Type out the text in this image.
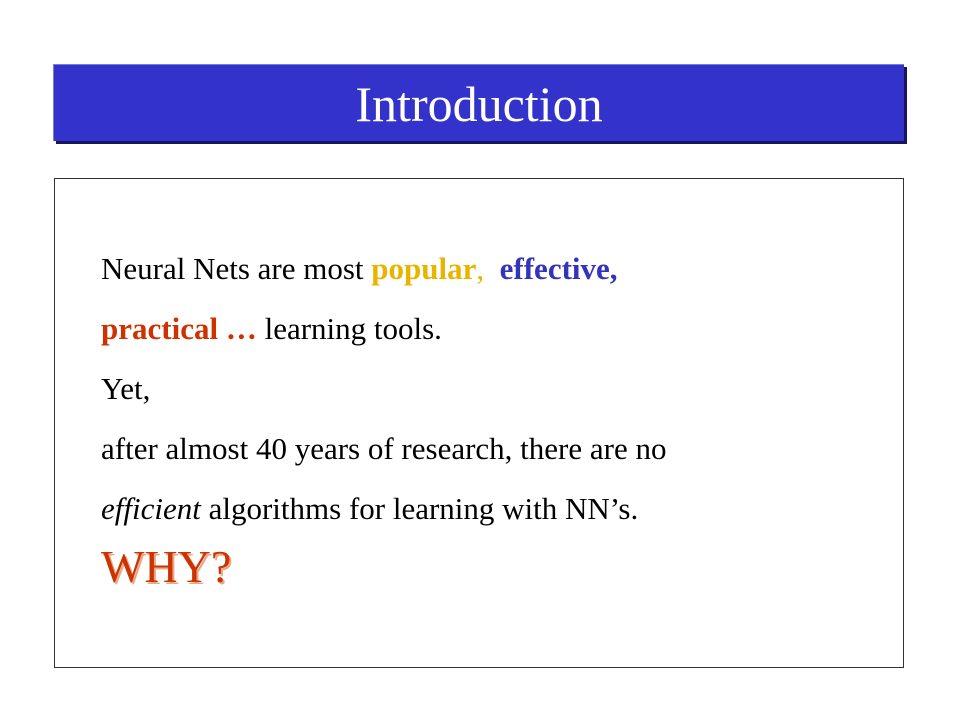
Introduction
Neural Nets are most popular, effective,
practical … learning tools.
Yet,
after almost 40 years of research, there are no
efficient algorithms for learning with NN’s.
WHY?
